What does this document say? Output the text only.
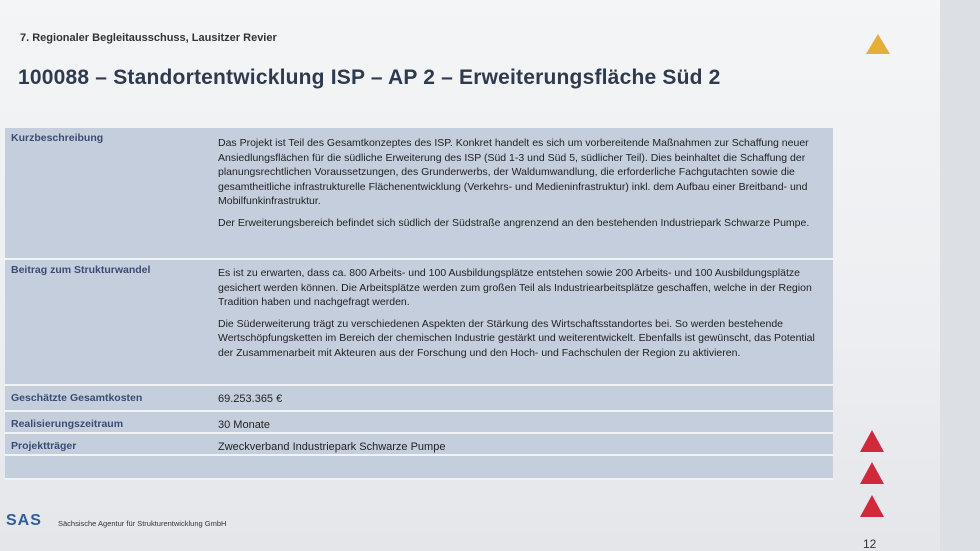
7. Regionaler Begleitausschuss, Lausitzer Revier
100088 – Standortentwicklung ISP – AP 2 – Erweiterungsfläche Süd 2
Kurzbeschreibung	Das Projekt ist Teil des Gesamtkonzeptes des ISP. Konkret handelt es sich um vorbereitende Maßnahmen zur Schaffung neuer Ansiedlungsflächen für die südliche Erweiterung des ISP (Süd 1-3 und Süd 5, südlicher Teil). Dies beinhaltet die Schaffung der planungsrechtlichen Voraussetzungen, des Grunderwerbs, der Waldumwandlung, die erforderliche Fachgutachten sowie die gesamtheitliche infrastrukturelle Flächenentwicklung (Verkehrs- und Medieninfrastruktur) inkl. dem Aufbau einer Breitband- und Mobilfunkinfrastruktur.

Der Erweiterungsbereich befindet sich südlich der Südstraße angrenzend an den bestehenden Industriepark Schwarze Pumpe.

Beitrag zum Strukturwandel	Es ist zu erwarten, dass ca. 800 Arbeits- und 100 Ausbildungsplätze entstehen sowie 200 Arbeits- und 100 Ausbildungsplätze gesichert werden können. Die Arbeitsplätze werden zum großen Teil als Industriearbeitsplätze geschaffen, welche in der Region Tradition haben und nachgefragt werden.

Die Süderweiterung trägt zu verschiedenen Aspekten der Stärkung des Wirtschaftsstandortes bei. So werden bestehende Wertschöpfungsketten im Bereich der chemischen Industrie gestärkt und weiterentwickelt. Ebenfalls ist gewünscht, das Potential der Zusammenarbeit mit Akteuren aus der Forschung und den Hoch- und Fachschulen der Region zu aktivieren.

Geschätzte Gesamtkosten	69.253.365 €
Realisierungszeitraum	30 Monate
Projektträger	Zweckverband Industriepark Schwarze Pumpe
SAS Sächsische Agentur für Strukturentwicklung GmbH
12
